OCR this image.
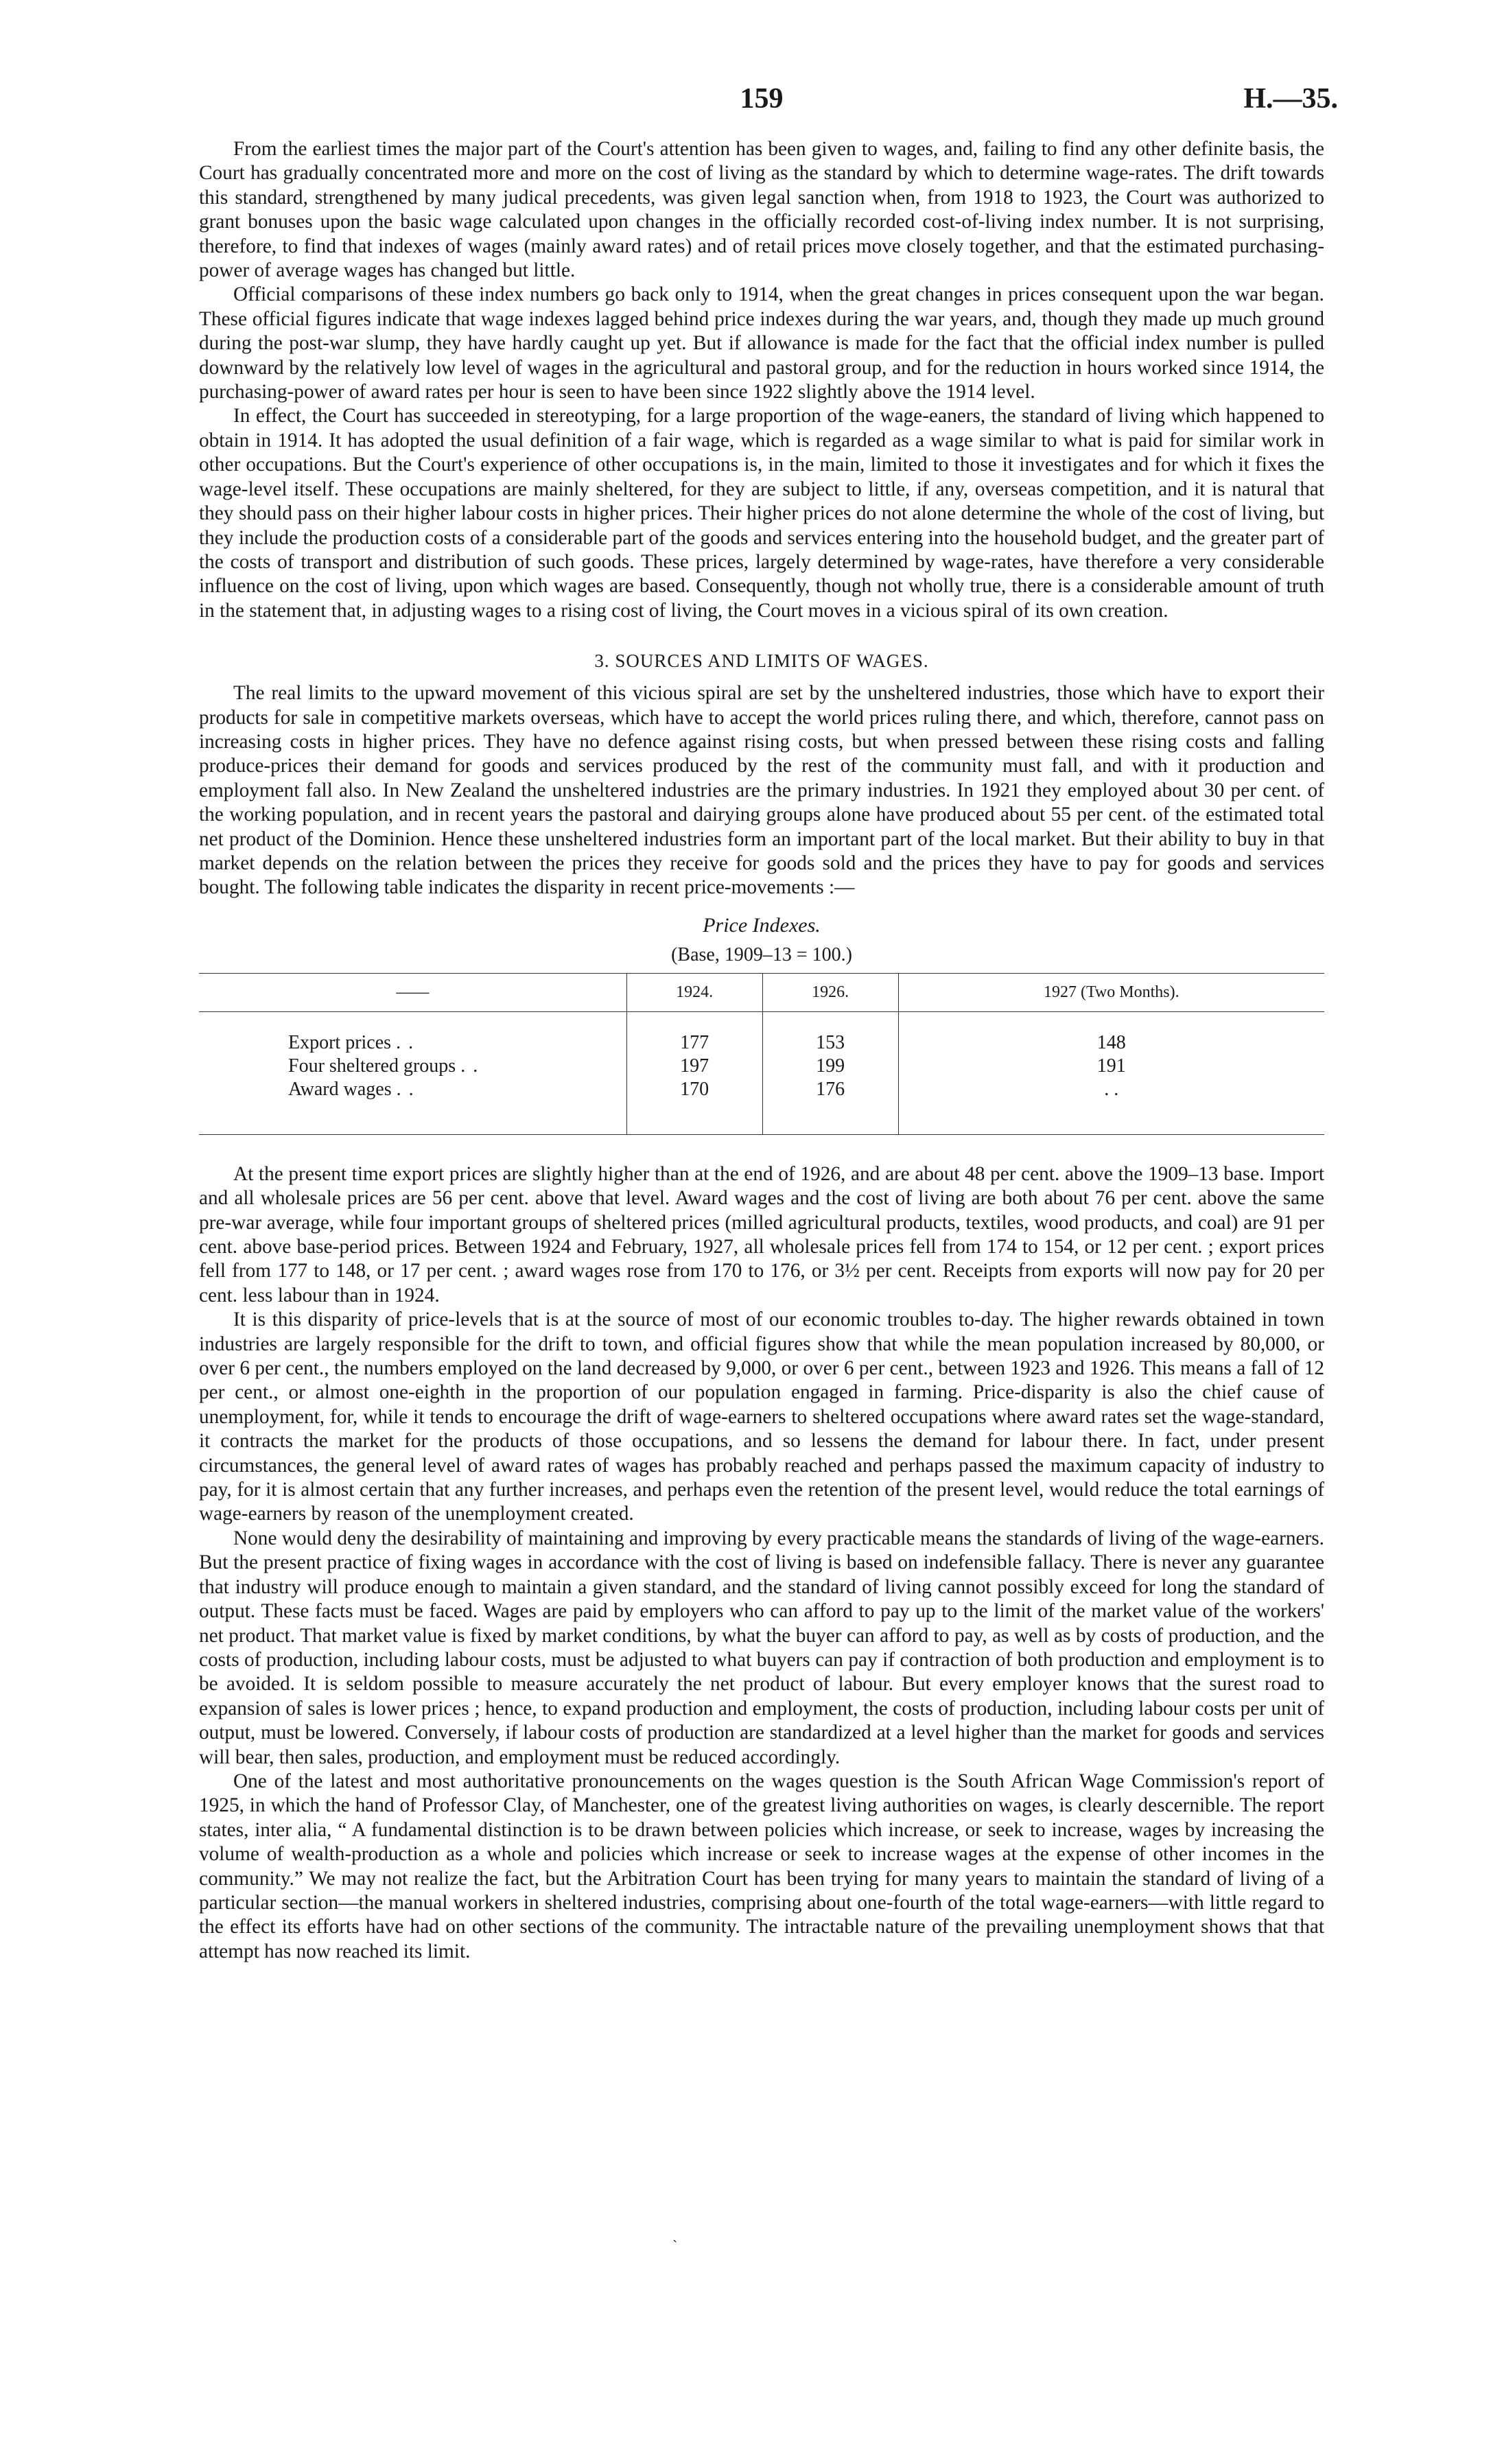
159	H.—35.

From the earliest times the major part of the Court's attention has been given to wages, and, failing to find any other definite basis, the Court has gradually concentrated more and more on the cost of living as the standard by which to determine wage-rates. The drift towards this standard, strengthened by many judical precedents, was given legal sanction when, from 1918 to 1923, the Court was authorized to grant bonuses upon the basic wage calculated upon changes in the officially recorded cost-of-living index number. It is not surprising, therefore, to find that indexes of wages (mainly award rates) and of retail prices move closely together, and that the estimated purchasing-power of average wages has changed but little.

Official comparisons of these index numbers go back only to 1914, when the great changes in prices consequent upon the war began. These official figures indicate that wage indexes lagged behind price indexes during the war years, and, though they made up much ground during the post-war slump, they have hardly caught up yet. But if allowance is made for the fact that the official index number is pulled downward by the relatively low level of wages in the agricultural and pastoral group, and for the reduction in hours worked since 1914, the purchasing-power of award rates per hour is seen to have been since 1922 slightly above the 1914 level.

In effect, the Court has succeeded in stereotyping, for a large proportion of the wage-eaners, the standard of living which happened to obtain in 1914. It has adopted the usual definition of a fair wage, which is regarded as a wage similar to what is paid for similar work in other occupations. But the Court's experience of other occupations is, in the main, limited to those it investigates and for which it fixes the wage-level itself. These occupations are mainly sheltered, for they are subject to little, if any, overseas competition, and it is natural that they should pass on their higher labour costs in higher prices. Their higher prices do not alone determine the whole of the cost of living, but they include the production costs of a considerable part of the goods and services entering into the household budget, and the greater part of the costs of transport and distribution of such goods. These prices, largely determined by wage-rates, have therefore a very considerable influence on the cost of living, upon which wages are based. Consequently, though not wholly true, there is a considerable amount of truth in the statement that, in adjusting wages to a rising cost of living, the Court moves in a vicious spiral of its own creation.

3. SOURCES AND LIMITS OF WAGES.

The real limits to the upward movement of this vicious spiral are set by the unsheltered industries, those which have to export their products for sale in competitive markets overseas, which have to accept the world prices ruling there, and which, therefore, cannot pass on increasing costs in higher prices. They have no defence against rising costs, but when pressed between these rising costs and falling produce-prices their demand for goods and services produced by the rest of the community must fall, and with it production and employment fall also. In New Zealand the unsheltered industries are the primary industries. In 1921 they employed about 30 per cent. of the working population, and in recent years the pastoral and dairying groups alone have produced about 55 per cent. of the estimated total net product of the Dominion. Hence these unsheltered industries form an important part of the local market. But their ability to buy in that market depends on the relation between the prices they receive for goods sold and the prices they have to pay for goods and services bought. The following table indicates the disparity in recent price-movements :—

Price Indexes.
(Base, 1909–13 = 100.)
——	1924.	1926.	1927 (Two Months).
Export prices . .	177	153	148
Four sheltered groups . .	197	199	191
Award wages . .	170	176	. .

At the present time export prices are slightly higher than at the end of 1926, and are about 48 per cent. above the 1909–13 base. Import and all wholesale prices are 56 per cent. above that level. Award wages and the cost of living are both about 76 per cent. above the same pre-war average, while four important groups of sheltered prices (milled agricultural products, textiles, wood products, and coal) are 91 per cent. above base-period prices. Between 1924 and February, 1927, all wholesale prices fell from 174 to 154, or 12 per cent. ; export prices fell from 177 to 148, or 17 per cent. ; award wages rose from 170 to 176, or 3½ per cent. Receipts from exports will now pay for 20 per cent. less labour than in 1924.

It is this disparity of price-levels that is at the source of most of our economic troubles to-day. The higher rewards obtained in town industries are largely responsible for the drift to town, and official figures show that while the mean population increased by 80,000, or over 6 per cent., the numbers employed on the land decreased by 9,000, or over 6 per cent., between 1923 and 1926. This means a fall of 12 per cent., or almost one-eighth in the proportion of our population engaged in farming. Price-disparity is also the chief cause of unemployment, for, while it tends to encourage the drift of wage-earners to sheltered occupations where award rates set the wage-standard, it contracts the market for the products of those occupations, and so lessens the demand for labour there. In fact, under present circumstances, the general level of award rates of wages has probably reached and perhaps passed the maximum capacity of industry to pay, for it is almost certain that any further increases, and perhaps even the retention of the present level, would reduce the total earnings of wage-earners by reason of the unemployment created.

None would deny the desirability of maintaining and improving by every practicable means the standards of living of the wage-earners. But the present practice of fixing wages in accordance with the cost of living is based on indefensible fallacy. There is never any guarantee that industry will produce enough to maintain a given standard, and the standard of living cannot possibly exceed for long the standard of output. These facts must be faced. Wages are paid by employers who can afford to pay up to the limit of the market value of the workers' net product. That market value is fixed by market conditions, by what the buyer can afford to pay, as well as by costs of production, and the costs of production, including labour costs, must be adjusted to what buyers can pay if contraction of both production and employment is to be avoided. It is seldom possible to measure accurately the net product of labour. But every employer knows that the surest road to expansion of sales is lower prices ; hence, to expand production and employment, the costs of production, including labour costs per unit of output, must be lowered. Conversely, if labour costs of production are standardized at a level higher than the market for goods and services will bear, then sales, production, and employment must be reduced accordingly.

One of the latest and most authoritative pronouncements on the wages question is the South African Wage Commission's report of 1925, in which the hand of Professor Clay, of Manchester, one of the greatest living authorities on wages, is clearly descernible. The report states, inter alia, “ A fundamental distinction is to be drawn between policies which increase, or seek to increase, wages by increasing the volume of wealth-production as a whole and policies which increase or seek to increase wages at the expense of other incomes in the community.” We may not realize the fact, but the Arbitration Court has been trying for many years to maintain the standard of living of a particular section—the manual workers in sheltered industries, comprising about one-fourth of the total wage-earners—with little regard to the effect its efforts have had on other sections of the community. The intractable nature of the prevailing unemployment shows that that attempt has now reached its limit.

`
